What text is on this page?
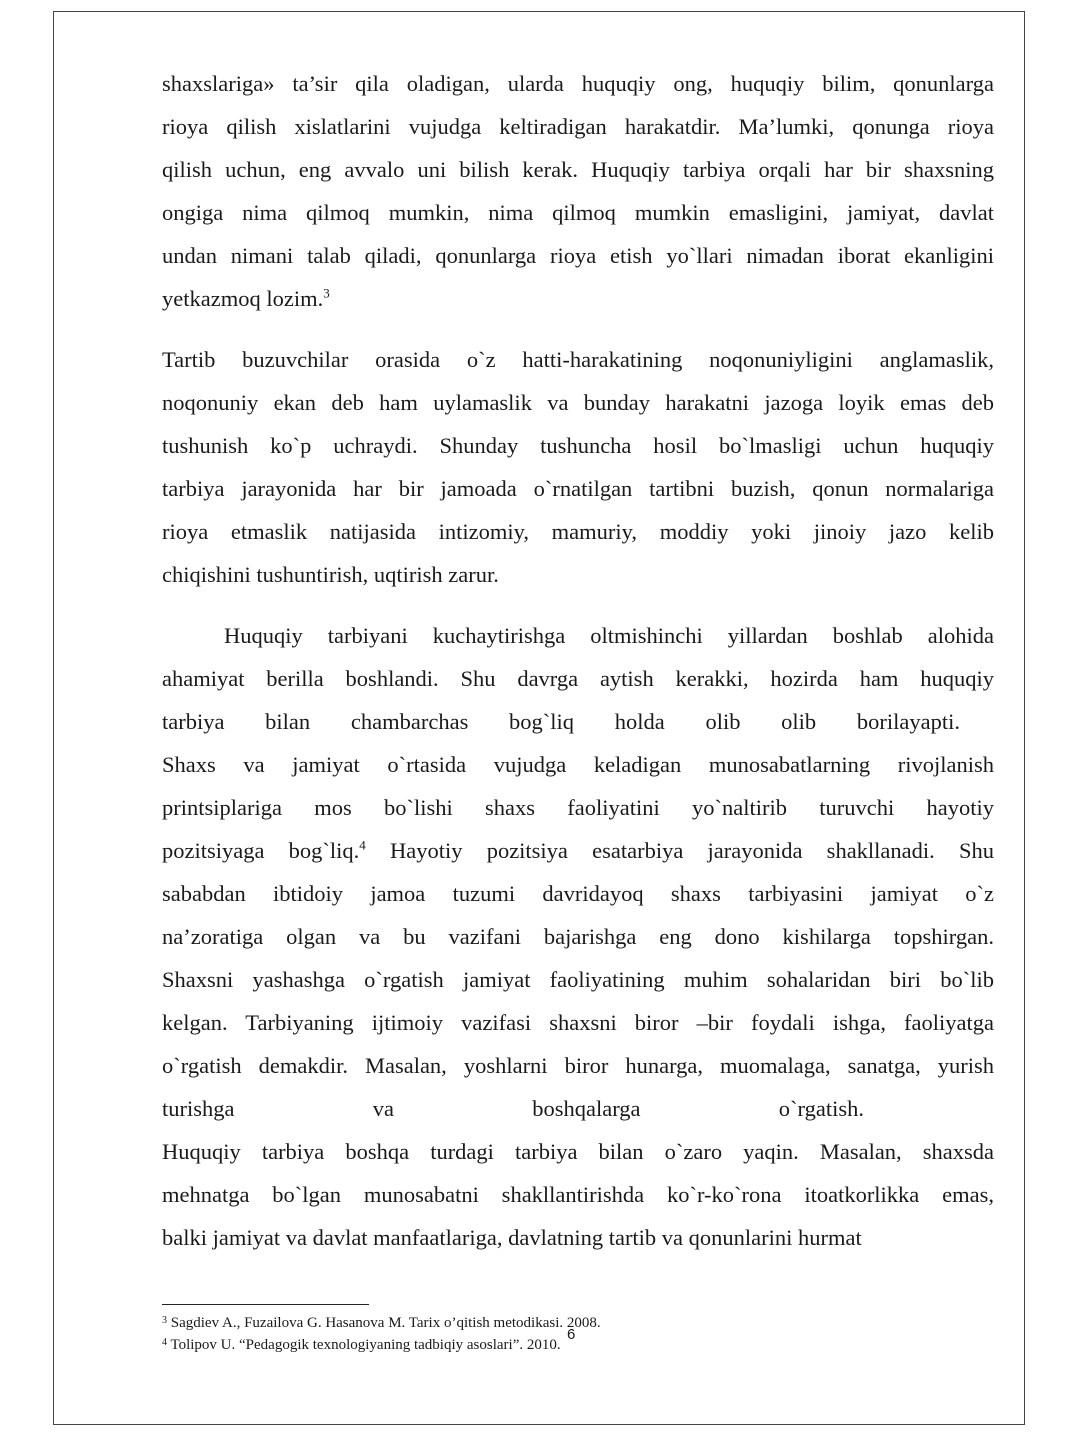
shaxslariga» ta’sir qila oladigan, ularda huquqiy ong, huquqiy bilim, qonunlarga
rioya qilish xislatlarini vujudga keltiradigan harakatdir. Ma’lumki, qonunga rioya
qilish uchun, eng avvalo uni bilish kerak. Huquqiy tarbiya orqali har bir shaxsning
ongiga nima qilmoq mumkin, nima qilmoq mumkin emasligini, jamiyat, davlat
undan nimani talab qiladi, qonunlarga rioya etish yo`llari nimadan iborat ekanligini
yetkazmoq lozim.$^3$
Tartib buzuvchilar orasida o`z hatti-harakatining noqonuniyligini anglamaslik,
noqonuniy ekan deb ham uylamaslik va bunday harakatni jazoga loyik emas deb
tushunish ko`p uchraydi. Shunday tushuncha hosil bo`lmasligi uchun huquqiy
tarbiya jarayonida har bir jamoada o`rnatilgan tartibni buzish, qonun normalariga
rioya etmaslik natijasida intizomiy, mamuriy, moddiy yoki jinoiy jazo kelib
chiqishini tushuntirish, uqtirish zarur.
Huquqiy tarbiyani kuchaytirishga oltmishinchi yillardan boshlab alohida
ahamiyat berilla boshlandi. Shu davrga aytish kerakki, hozirda ham huquqiy
tarbiya bilan chambarchas bog`liq holda olib olib borilayapti.
Shaxs va jamiyat o`rtasida vujudga keladigan munosabatlarning rivojlanish
printsiplariga mos bo`lishi shaxs faoliyatini yo`naltirib turuvchi hayotiy
pozitsiyaga bog`liq.$^4$ Hayotiy pozitsiya esatarbiya jarayonida shakllanadi. Shu
sababdan ibtidoiy jamoa tuzumi davridayoq shaxs tarbiyasini jamiyat o`z
na’zoratiga olgan va bu vazifani bajarishga eng dono kishilarga topshirgan.
Shaxsni yashashga o`rgatish jamiyat faoliyatining muhim sohalaridan biri bo`lib
kelgan. Tarbiyaning ijtimoiy vazifasi shaxsni biror –bir foydali ishga, faoliyatga
o`rgatish demakdir. Masalan, yoshlarni biror hunarga, muomalaga, sanatga, yurish
turishga va boshqalarga o`rgatish.
Huquqiy tarbiya boshqa turdagi tarbiya bilan o`zaro yaqin. Masalan, shaxsda
mehnatga bo`lgan munosabatni shakllantirishda ko`r-ko`rona itoatkorlikka emas,
balki jamiyat va davlat manfaatlariga, davlatning tartib va qonunlarini hurmat
$^3$ Sagdiev A., Fuzailova G. Hasanova M. Tarix o’qitish metodikasi. 2008.
$^4$ Tolipov U. “Pedagogik texnologiyaning tadbiqiy asoslari”. 2010.
6
